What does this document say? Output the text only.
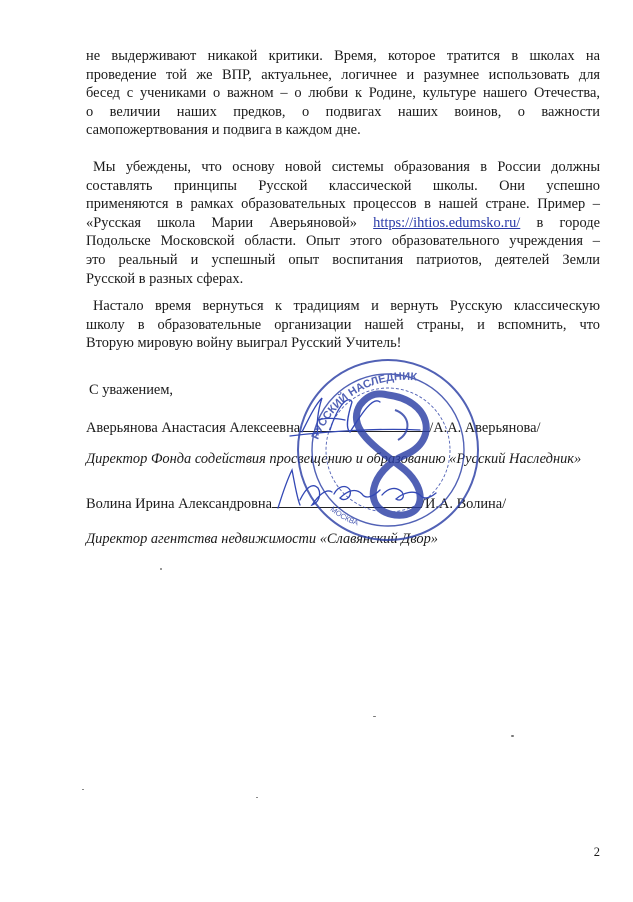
не выдерживают никакой критики. Время, которое тратится в школах на
проведение той же ВПР, актуальнее, логичнее и разумнее использовать для
бесед с учениками о важном – о любви к Родине, культуре нашего Отечества,
о величии наших предков, о подвигах наших воинов, о важности
самопожертвования и подвига в каждом дне.

Мы убеждены, что основу новой системы образования в России должны
составлять принципы Русской классической школы. Они успешно
применяются в рамках образовательных процессов в нашей стране. Пример –
«Русская школа Марии Аверьяновой» https://ihtios.edumsko.ru/ в городе
Подольске Московской области. Опыт этого образовательного учреждения –
это реальный и успешный опыт воспитания патриотов, деятелей Земли
Русской в разных сферах.

Настало время вернуться к традициям и вернуть Русскую классическую
школу в образовательные организации нашей страны, и вспомнить, что
Вторую мировую войну выиграл Русский Учитель!

С уважением,
Аверьянова Анастасия Алексеевна	/А.А. Аверьянова/
Директор Фонда содействия просвещению и образованию «Русский Наследник»
Волина Ирина Александровна	/И.А. Волина/
Директор агентства недвижимости «Славянский Двор»
РУССКИЙ НАСЛЕДНИК
МОСКВА
2
